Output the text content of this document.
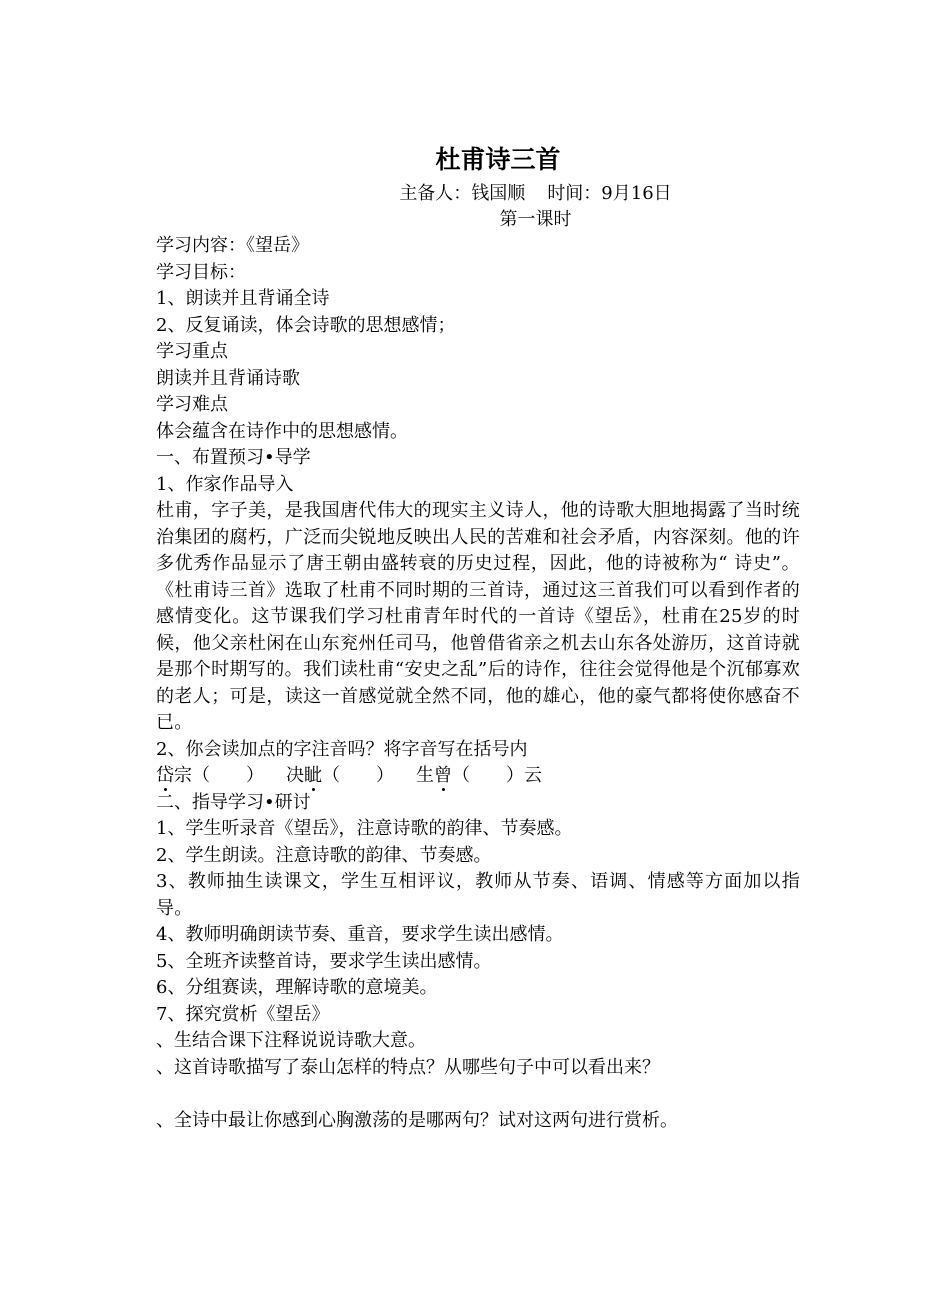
杜甫诗三首
主备人：钱国顺 时间：9月16日
第一课时
学习内容：《望岳》
学习目标：
1、朗读并且背诵全诗
2、反复诵读，体会诗歌的思想感情；
学习重点
朗读并且背诵诗歌
学习难点
体会蕴含在诗作中的思想感情。
一、布置预习•导学
1、作家作品导入
杜甫，字子美，是我国唐代伟大的现实主义诗人，他的诗歌大胆地揭露了当时统治集团的腐朽，广泛而尖锐地反映出人民的苦难和社会矛盾，内容深刻。他的许多优秀作品显示了唐王朝由盛转衰的历史过程，因此，他的诗被称为“ 诗史”。《杜甫诗三首》选取了杜甫不同时期的三首诗，通过这三首我们可以看到作者的感情变化。这节课我们学习杜甫青年时代的一首诗《望岳》，杜甫在25岁的时候，他父亲杜闲在山东兖州任司马，他曾借省亲之机去山东各处游历，这首诗就是那个时期写的。我们读杜甫“安史之乱”后的诗作，往往会觉得他是个沉郁寡欢的老人；可是，读这一首感觉就全然不同，他的雄心，他的豪气都将使你感奋不已。
2、你会读加点的字注音吗？将字音写在括号内
岱宗（　　） 决眦（　　） 生曾（　　）云
二、指导学习•研讨
1、学生听录音《望岳》，注意诗歌的韵律、节奏感。
2、学生朗读。注意诗歌的韵律、节奏感。
3、教师抽生读课文，学生互相评议，教师从节奏、语调、情感等方面加以指导。
4、教师明确朗读节奏、重音，要求学生读出感情。
5、全班齐读整首诗，要求学生读出感情。
6、分组赛读，理解诗歌的意境美。
7、探究赏析《望岳》
、生结合课下注释说说诗歌大意。
、这首诗歌描写了泰山怎样的特点？从哪些句子中可以看出来？
、全诗中最让你感到心胸激荡的是哪两句？试对这两句进行赏析。
